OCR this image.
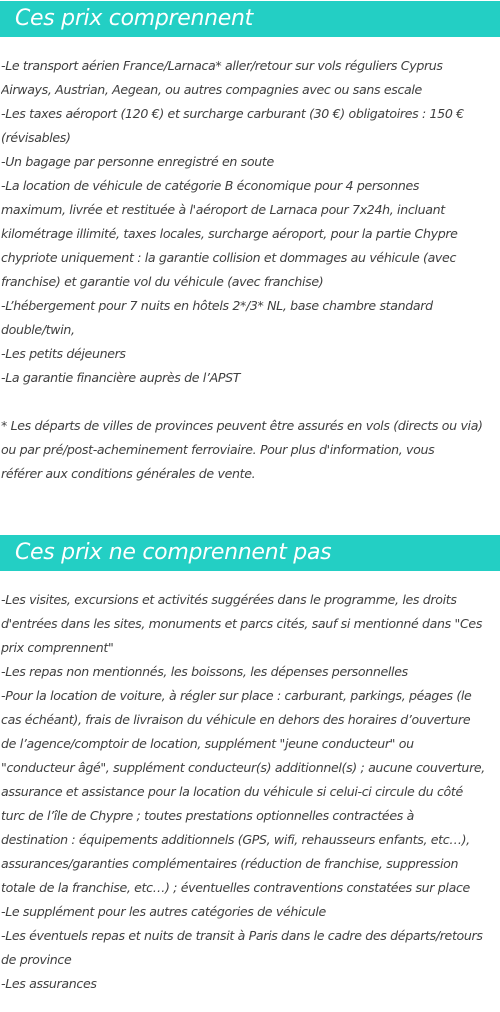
Ces prix comprennent
-Le transport aérien France/Larnaca* aller/retour sur vols réguliers Cyprus
Airways, Austrian, Aegean, ou autres compagnies avec ou sans escale
-Les taxes aéroport (120 €) et surcharge carburant (30 €) obligatoires : 150 €
(révisables)
-Un bagage par personne enregistré en soute
-La location de véhicule de catégorie B économique pour 4 personnes
maximum, livrée et restituée à l'aéroport de Larnaca pour 7x24h, incluant
kilométrage illimité, taxes locales, surcharge aéroport, pour la partie Chypre
chypriote uniquement : la garantie collision et dommages au véhicule (avec
franchise) et garantie vol du véhicule (avec franchise)
-L’hébergement pour 7 nuits en hôtels 2*/3* NL, base chambre standard
double/twin,
-Les petits déjeuners
-La garantie financière auprès de l’APST
* Les départs de villes de provinces peuvent être assurés en vols (directs ou via)
ou par pré/post-acheminement ferroviaire. Pour plus d'information, vous
référer aux conditions générales de vente.
Ces prix ne comprennent pas
-Les visites, excursions et activités suggérées dans le programme, les droits
d'entrées dans les sites, monuments et parcs cités, sauf si mentionné dans "Ces
prix comprennent"
-Les repas non mentionnés, les boissons, les dépenses personnelles
-Pour la location de voiture, à régler sur place : carburant, parkings, péages (le
cas échéant), frais de livraison du véhicule en dehors des horaires d’ouverture
de l’agence/comptoir de location, supplément "jeune conducteur" ou
"conducteur âgé", supplément conducteur(s) additionnel(s) ; aucune couverture,
assurance et assistance pour la location du véhicule si celui-ci circule du côté
turc de l’île de Chypre ; toutes prestations optionnelles contractées à
destination : équipements additionnels (GPS, wifi, rehausseurs enfants, etc…),
assurances/garanties complémentaires (réduction de franchise, suppression
totale de la franchise, etc…) ; éventuelles contraventions constatées sur place
-Le supplément pour les autres catégories de véhicule
-Les éventuels repas et nuits de transit à Paris dans le cadre des départs/retours
de province
-Les assurances
